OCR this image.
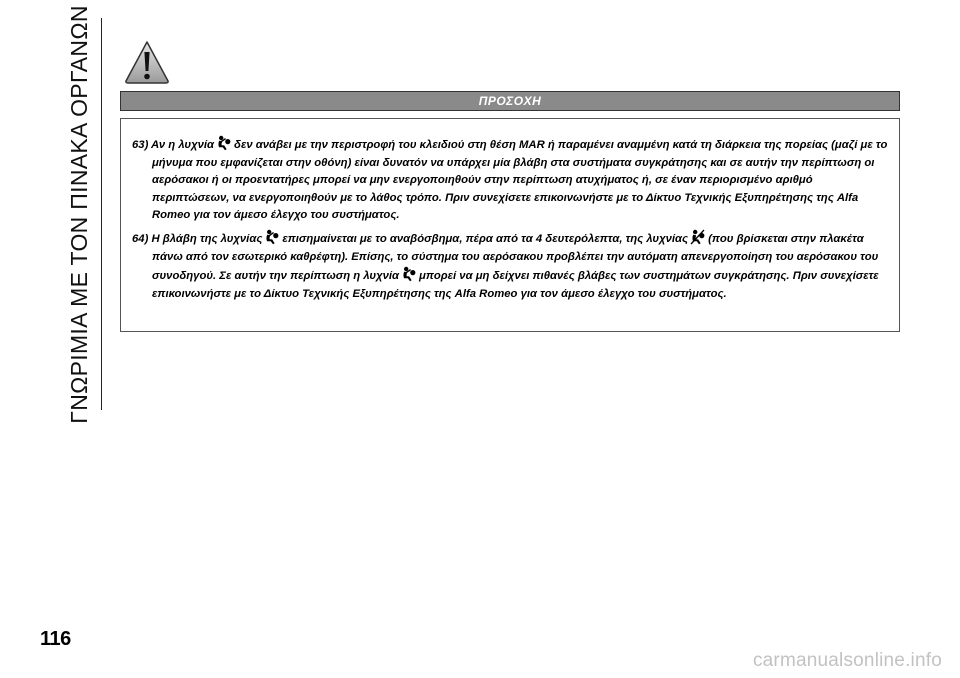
ΓΝΩΡΙΜΙΑ ΜΕ ΤΟΝ ΠΙΝΑΚΑ ΟΡΓΑΝΩΝ	ΠΡΟΣΟΧΗ

63) Αν η λυχνία δεν ανάβει με την περιστροφή του κλειδιού στη θέση MAR ή παραμένει αναμμένη κατά τη διάρκεια της πορείας (μαζί με το μήνυμα που εμφανίζεται στην οθόνη) είναι δυνατόν να υπάρχει μία βλάβη στα συστήματα συγκράτησης και σε αυτήν την περίπτωση οι αερόσακοι ή οι προεντατήρες μπορεί να μην ενεργοποιηθούν στην περίπτωση ατυχήματος ή, σε έναν περιορισμένο αριθμό περιπτώσεων, να ενεργοποιηθούν με το λάθος τρόπο. Πριν συνεχίσετε επικοινωνήστε με το Δίκτυο Τεχνικής Εξυπηρέτησης της Alfa Romeo για τον άμεσο έλεγχο του συστήματος.

64) Η βλάβη της λυχνίας επισημαίνεται με το αναβόσβημα, πέρα από τα 4 δευτερόλεπτα, της λυχνίας (που βρίσκεται στην πλακέτα πάνω από τον εσωτερικό καθρέφτη). Επίσης, το σύστημα του αερόσακου προβλέπει την αυτόματη απενεργοποίηση του αερόσακου του συνοδηγού. Σε αυτήν την περίπτωση η λυχνία μπορεί να μη δείχνει πιθανές βλάβες των συστημάτων συγκράτησης. Πριν συνεχίσετε επικοινωνήστε με το Δίκτυο Τεχνικής Εξυπηρέτησης της Alfa Romeo για τον άμεσο έλεγχο του συστήματος.

116
carmanualsonline.info
